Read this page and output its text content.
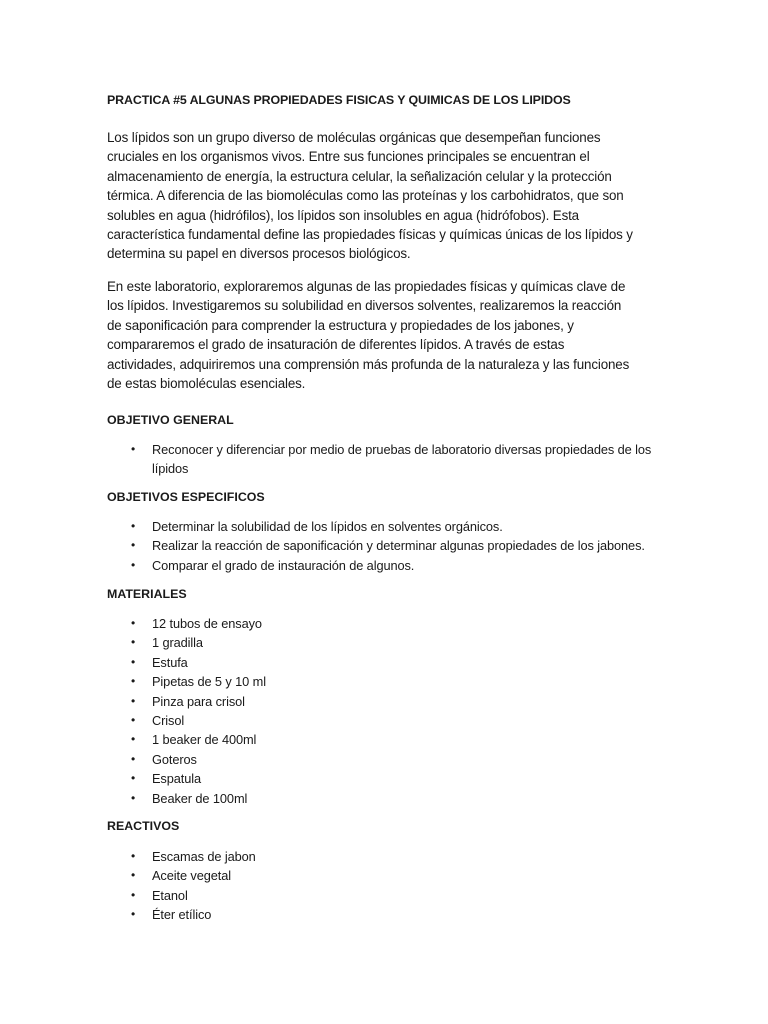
PRACTICA #5 ALGUNAS PROPIEDADES FISICAS Y QUIMICAS DE LOS LIPIDOS

Los lípidos son un grupo diverso de moléculas orgánicas que desempeñan funciones
cruciales en los organismos vivos. Entre sus funciones principales se encuentran el
almacenamiento de energía, la estructura celular, la señalización celular y la protección
térmica. A diferencia de las biomoléculas como las proteínas y los carbohidratos, que son
solubles en agua (hidrófilos), los lípidos son insolubles en agua (hidrófobos). Esta
característica fundamental define las propiedades físicas y químicas únicas de los lípidos y
determina su papel en diversos procesos biológicos.

En este laboratorio, exploraremos algunas de las propiedades físicas y químicas clave de
los lípidos. Investigaremos su solubilidad en diversos solventes, realizaremos la reacción
de saponificación para comprender la estructura y propiedades de los jabones, y
compararemos el grado de insaturación de diferentes lípidos. A través de estas
actividades, adquiriremos una comprensión más profunda de la naturaleza y las funciones
de estas biomoléculas esenciales.

OBJETIVO GENERAL
• Reconocer y diferenciar por medio de pruebas de laboratorio diversas propiedades de los
lípidos
OBJETIVOS ESPECIFICOS
• Determinar la solubilidad de los lípidos en solventes orgánicos.
• Realizar la reacción de saponificación y determinar algunas propiedades de los jabones.
• Comparar el grado de instauración de algunos.
MATERIALES
• 12 tubos de ensayo
• 1 gradilla
• Estufa
• Pipetas de 5 y 10 ml
• Pinza para crisol
• Crisol
• 1 beaker de 400ml
• Goteros
• Espatula
• Beaker de 100ml
REACTIVOS
• Escamas de jabon
• Aceite vegetal
• Etanol
• Éter etílico
